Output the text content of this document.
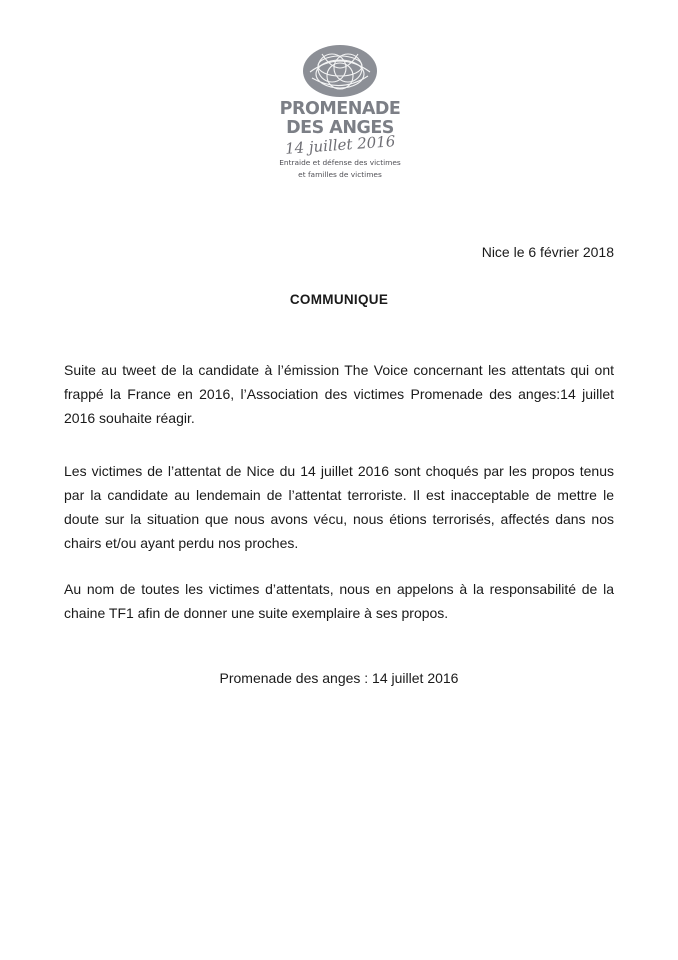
PROMENADE
DES ANGES
14 juillet 2016
Entraide et défense des victimes
et familles de victimes
Nice le 6 février 2018
COMMUNIQUE
Suite au tweet de la candidate à l’émission The Voice concernant les attentats qui ont frappé la France en 2016, l’Association des victimes Promenade des anges:14 juillet 2016 souhaite réagir.
Les victimes de l’attentat de Nice du 14 juillet 2016 sont choqués par les propos tenus par la candidate au lendemain de l’attentat terroriste. Il est inacceptable de mettre le doute sur la situation que nous avons vécu, nous étions terrorisés, affectés dans nos chairs et/ou ayant perdu nos proches.
Au nom de toutes les victimes d’attentats, nous en appelons à la responsabilité de la chaine TF1 afin de donner une suite exemplaire à ses propos.
Promenade des anges : 14 juillet 2016
